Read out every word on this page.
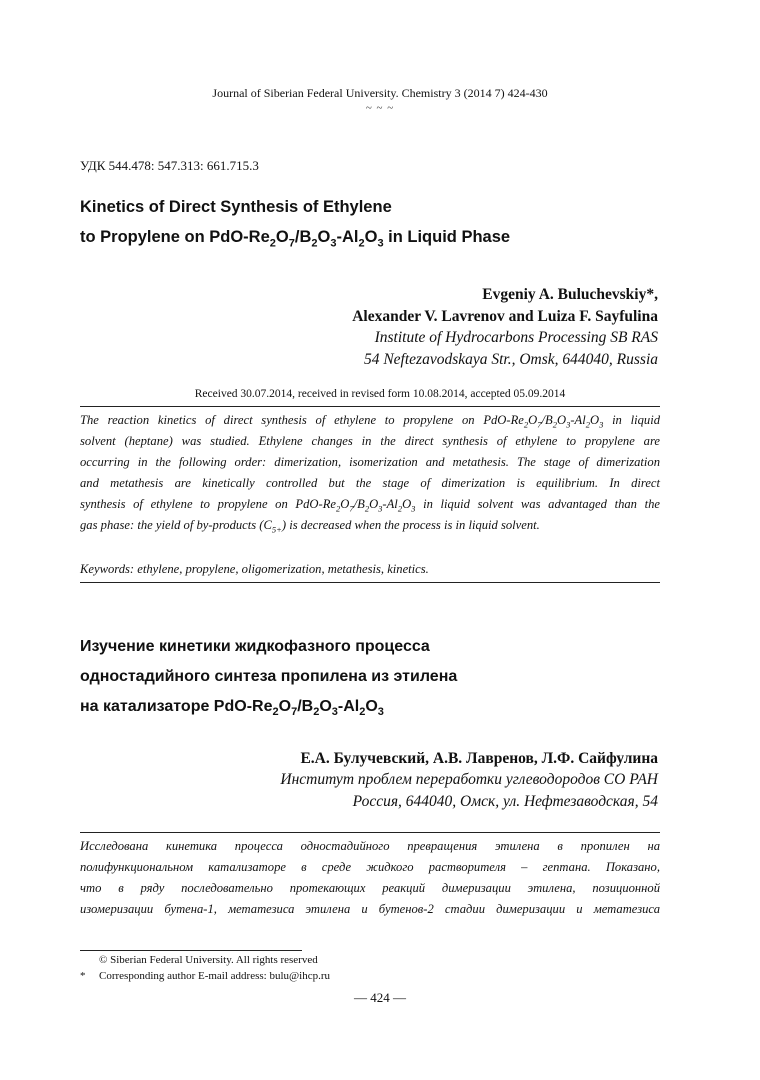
Journal of Siberian Federal University. Chemistry 3 (2014 7) 424-430
~ ~ ~
УДК 544.478: 547.313: 661.715.3
Kinetics of Direct Synthesis of Ethylene
to Propylene on PdO-$Re_2O_7/B_2O_3-Al_2O_3$ in Liquid Phase
Evgeniy A. Buluchevskiy*,
Alexander V. Lavrenov and Luiza F. Sayfulina
Institute of Hydrocarbons Processing SB RAS
54 Neftezavodskaya Str., Omsk, 644040, Russia
Received 30.07.2014, received in revised form 10.08.2014, accepted 05.09.2014
The reaction kinetics of direct synthesis of ethylene to propylene on PdO-$Re_2O_7/B_2O_3-Al_2O_3$ in liquid
solvent (heptane) was studied. Ethylene changes in the direct synthesis of ethylene to propylene are
occurring in the following order: dimerization, isomerization and metathesis. The stage of dimerization
and metathesis are kinetically controlled but the stage of dimerization is equilibrium. In direct
synthesis of ethylene to propylene on PdO-$Re_2O_7/B_2O_3-Al_2O_3$ in liquid solvent was advantaged than the
gas phase: the yield of by-products $(C_{5+})$ is decreased when the process is in liquid solvent.
Keywords: ethylene, propylene, oligomerization, metathesis, kinetics.
Изучение кинетики жидкофазного процесса
одностадийного синтеза пропилена из этилена
на катализаторе PdO-$Re_2O_7/B_2O_3-Al_2O_3$
Е.А. Булучевский, А.В. Лавренов, Л.Ф. Сайфулина
Институт проблем переработки углеводородов СО РАН
Россия, 644040, Омск, ул. Нефтезаводская, 54
Исследована кинетика процесса одностадийного превращения этилена в пропилен на
полифункциональном катализаторе в среде жидкого растворителя – гептана. Показано,
что в ряду последовательно протекающих реакций димеризации этилена, позиционной
изомеризации бутена-1, метатезиса этилена и бутенов-2 стадии димеризации и метатезиса
© Siberian Federal University. All rights reserved
* Corresponding author E-mail address: bulu@ihcp.ru
— 424 —
